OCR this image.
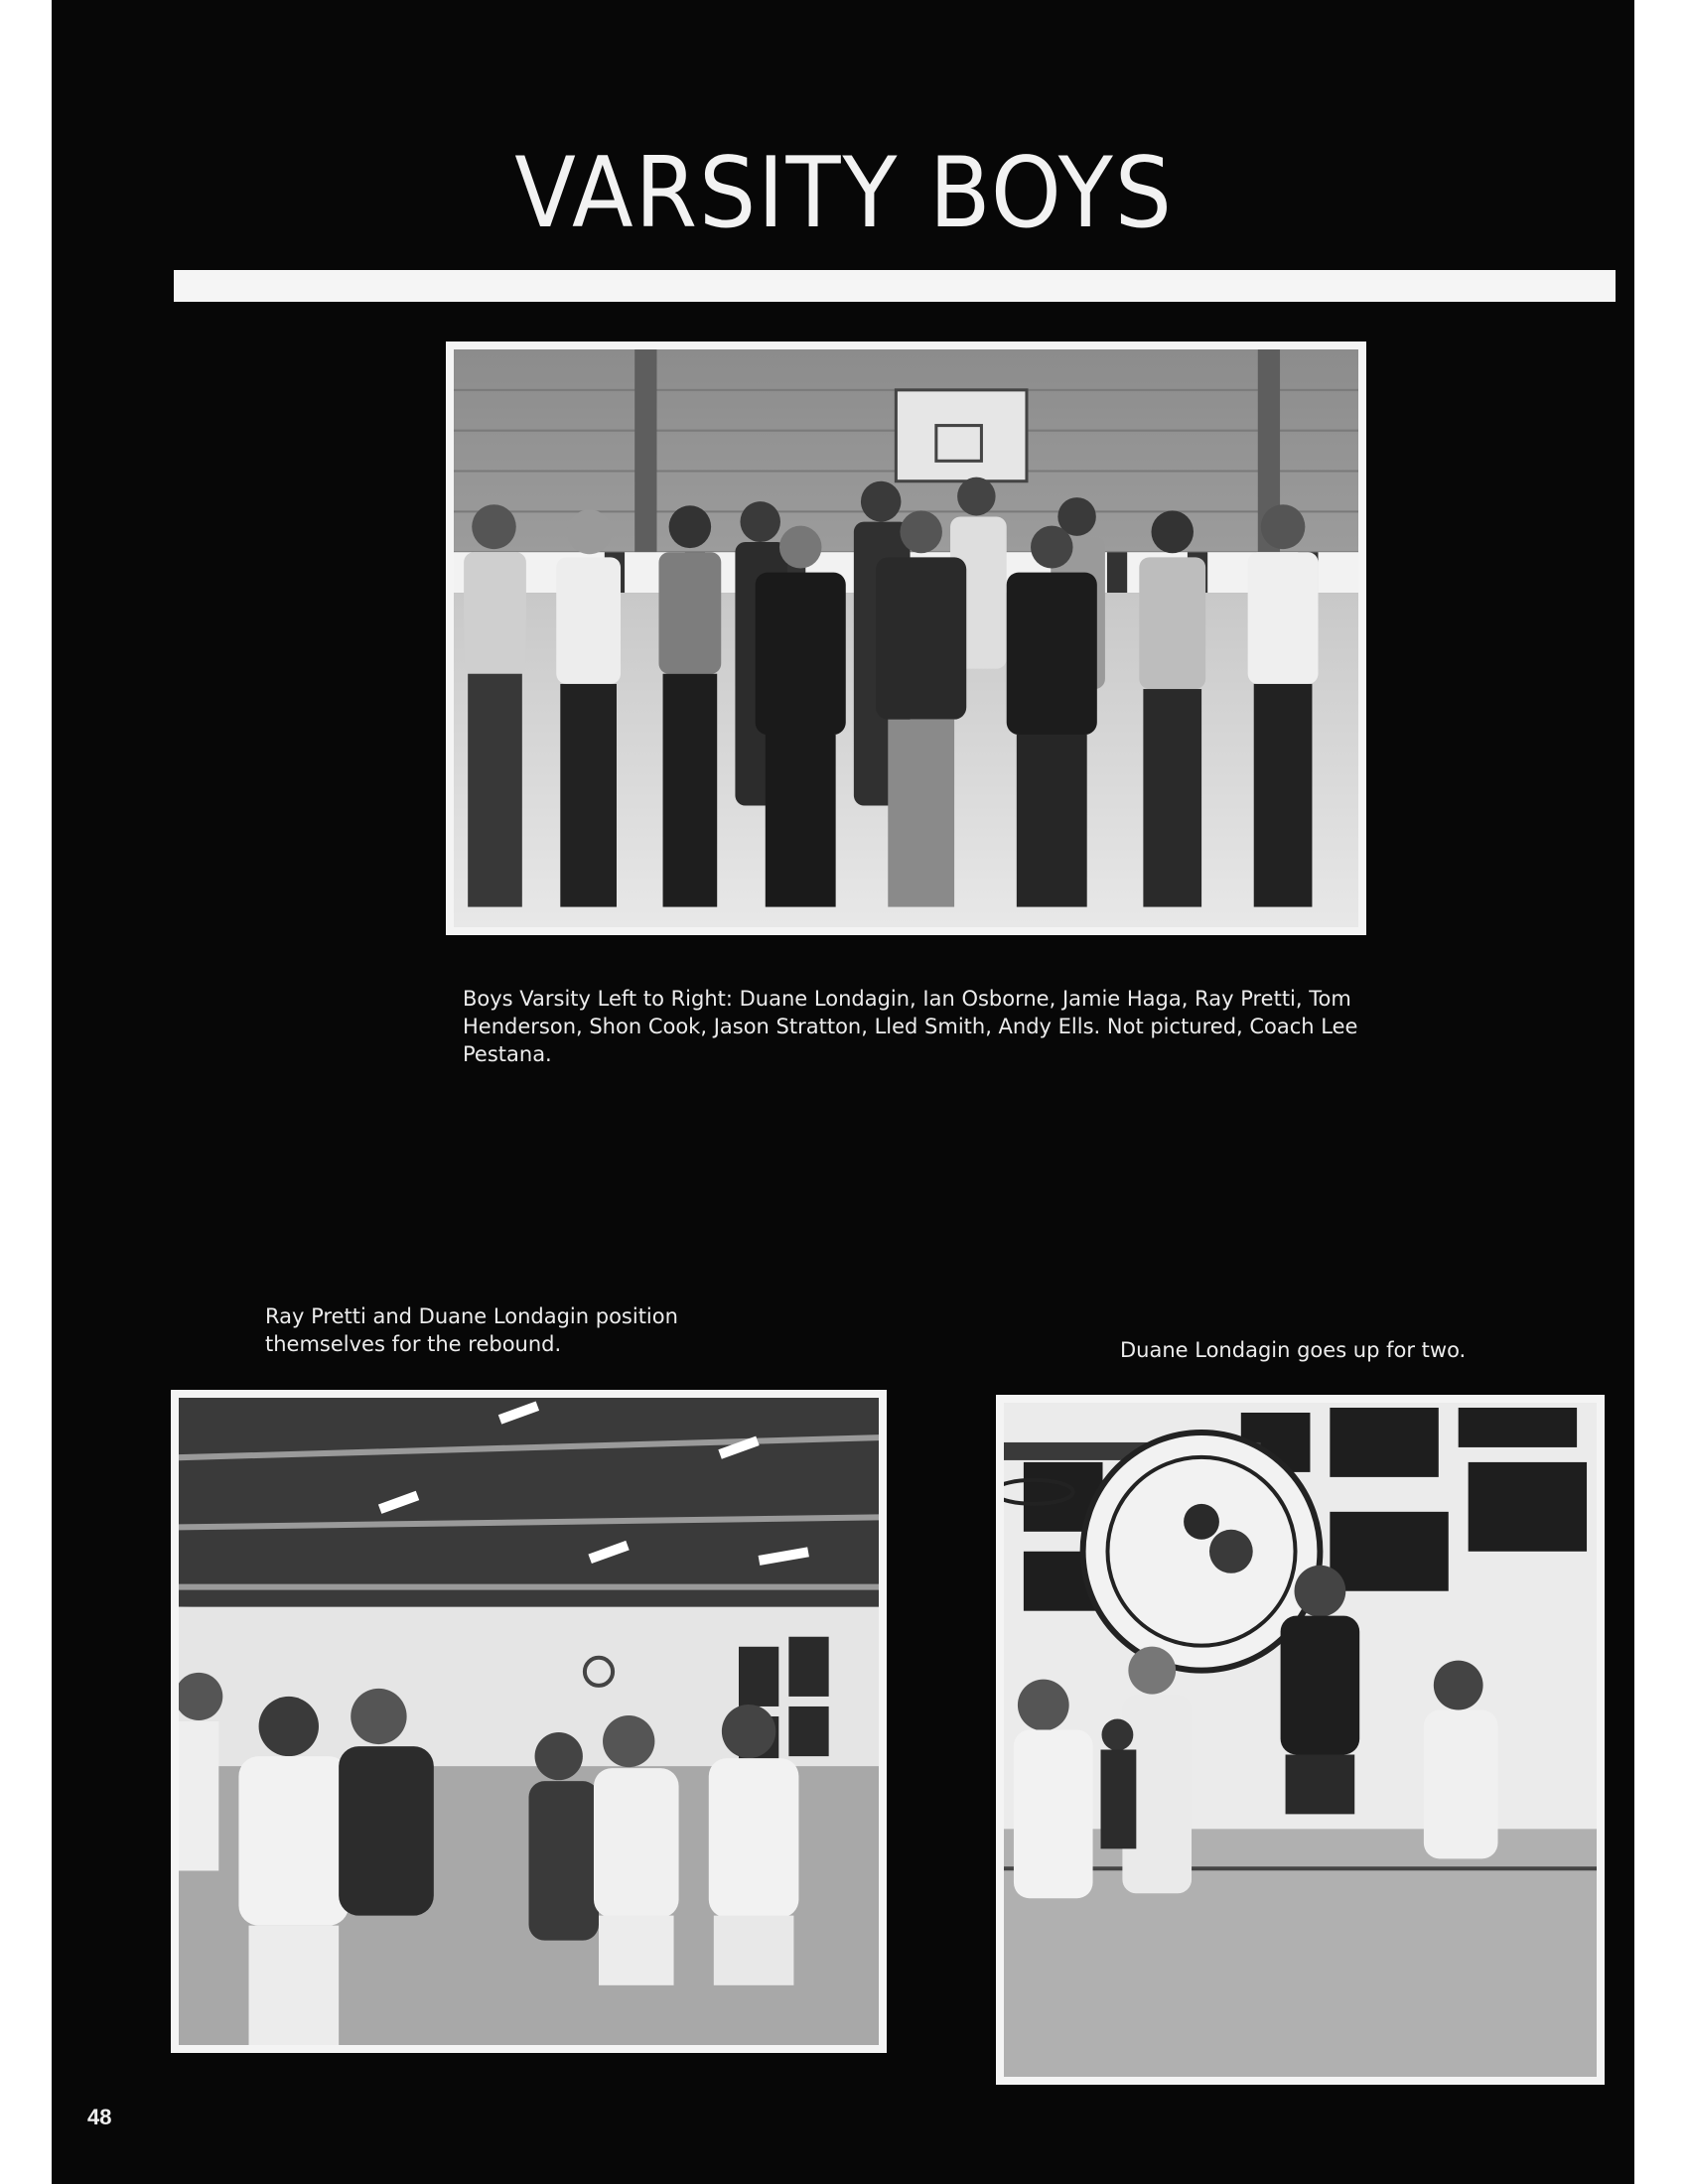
VARSITY BOYS
Boys Varsity Left to Right: Duane Londagin, Ian Osborne, Jamie Haga, Ray Pretti, Tom Henderson, Shon Cook, Jason Stratton, Lled Smith, Andy Ells. Not pictured, Coach Lee Pestana.
Ray Pretti and Duane Londagin position themselves for the rebound.	Duane Londagin goes up for two.
48
